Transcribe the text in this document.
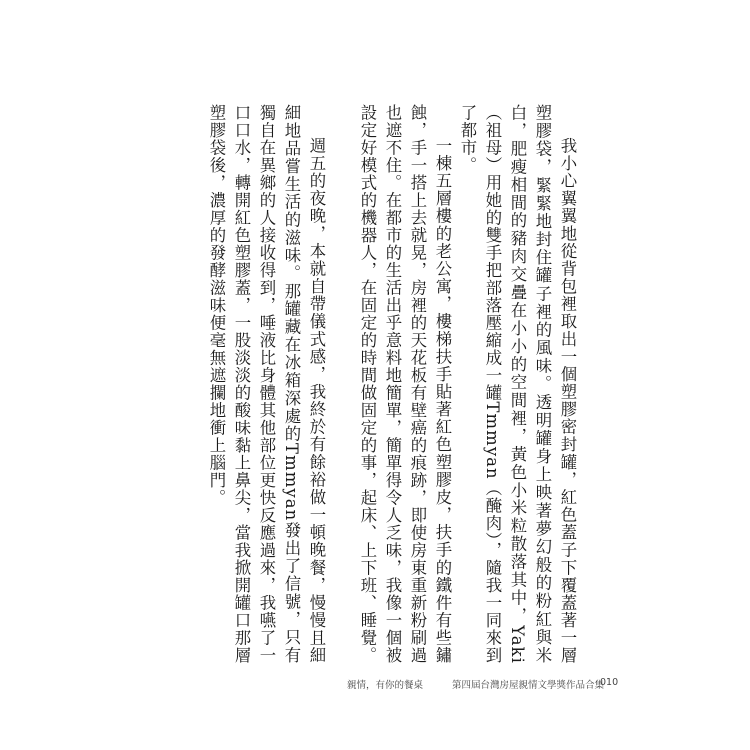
我小心翼翼地從背包裡取出一個塑膠密封罐，紅色蓋子下覆蓋著一層塑膠袋，緊緊地封住罐子裡的風味。透明罐身上映著夢幻般的粉紅與米白，肥瘦相間的豬肉交疊在小小的空間裡，黃色小米粒散落其中，Yaki（祖母）用她的雙手把部落壓縮成一罐Tmmyan（醃肉），隨我一同來到了都市。

一棟五層樓的老公寓，樓梯扶手貼著紅色塑膠皮，扶手的鐵件有些鏽蝕，手一搭上去就晃，房裡的天花板有壁癌的痕跡，即使房東重新粉刷過也遮不住。在都市的生活出乎意料地簡單，簡單得令人乏味，我像一個被設定好模式的機器人，在固定的時間做固定的事，起床、上下班、睡覺。

週五的夜晚，本就自帶儀式感，我終於有餘裕做一頓晚餐，慢慢且細細地品嘗生活的滋味。那罐藏在冰箱深處的Tmmyan發出了信號，只有獨自在異鄉的人接收得到，唾液比身體其他部位更快反應過來，我嚥了一口口水，轉開紅色塑膠蓋，一股淡淡的酸味黏上鼻尖，當我掀開罐口那層塑膠袋後，濃厚的發酵滋味便毫無遮攔地衝上腦門。

親情，有你的餐桌	第四屆台灣房屋親情文學獎作品合集
010
